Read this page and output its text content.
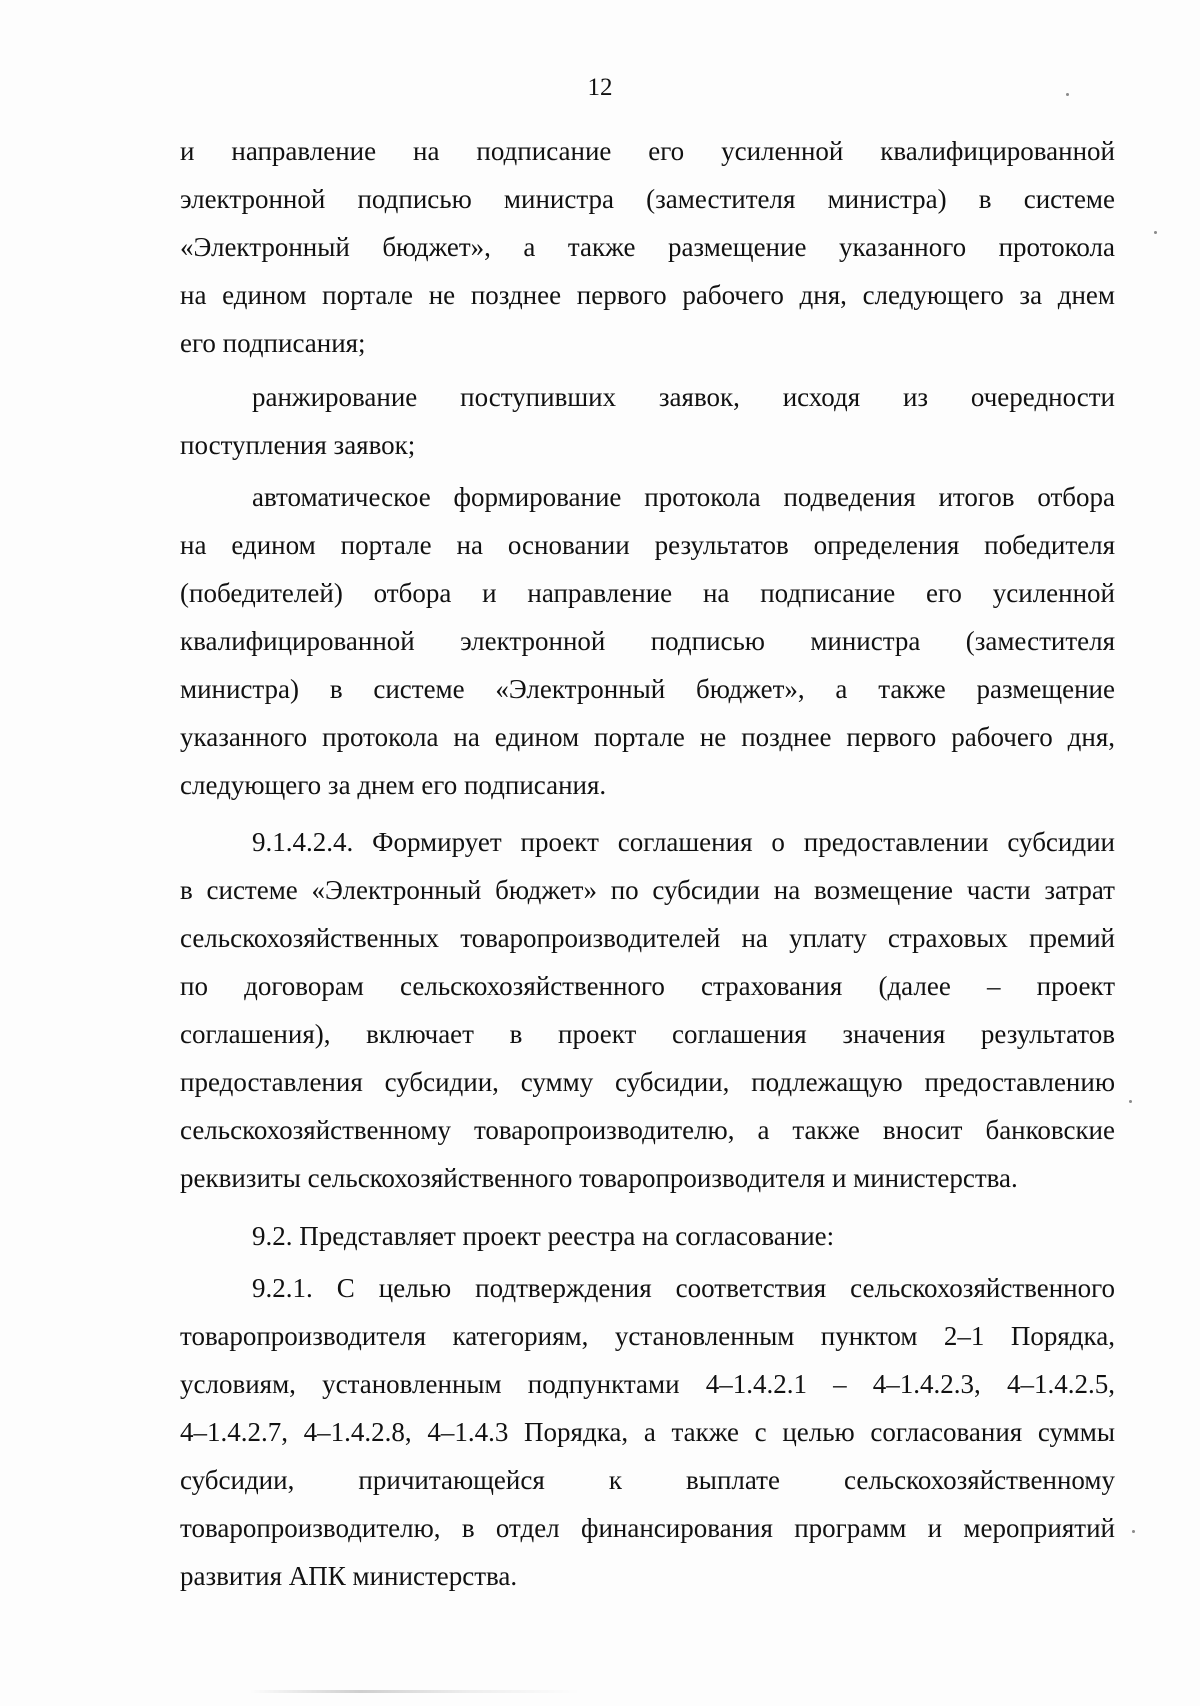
12
и направление на подписание его усиленной квалифицированной
электронной подписью министра (заместителя министра) в системе
«Электронный бюджет», а также размещение указанного протокола
на едином портале не позднее первого рабочего дня, следующего за днем
его подписания;
ранжирование поступивших заявок, исходя из очередности
поступления заявок;
автоматическое формирование протокола подведения итогов отбора
на едином портале на основании результатов определения победителя
(победителей) отбора и направление на подписание его усиленной
квалифицированной электронной подписью министра (заместителя
министра) в системе «Электронный бюджет», а также размещение
указанного протокола на едином портале не позднее первого рабочего дня,
следующего за днем его подписания.
9.1.4.2.4. Формирует проект соглашения о предоставлении субсидии
в системе «Электронный бюджет» по субсидии на возмещение части затрат
сельскохозяйственных товаропроизводителей на уплату страховых премий
по договорам сельскохозяйственного страхования (далее – проект
соглашения), включает в проект соглашения значения результатов
предоставления субсидии, сумму субсидии, подлежащую предоставлению
сельскохозяйственному товаропроизводителю, а также вносит банковские
реквизиты сельскохозяйственного товаропроизводителя и министерства.
9.2. Представляет проект реестра на согласование:
9.2.1. С целью подтверждения соответствия сельскохозяйственного
товаропроизводителя категориям, установленным пунктом 2–1 Порядка,
условиям, установленным подпунктами 4–1.4.2.1 – 4–1.4.2.3, 4–1.4.2.5,
4–1.4.2.7, 4–1.4.2.8, 4–1.4.3 Порядка, а также с целью согласования суммы
субсидии, причитающейся к выплате сельскохозяйственному
товаропроизводителю, в отдел финансирования программ и мероприятий
развития АПК министерства.
